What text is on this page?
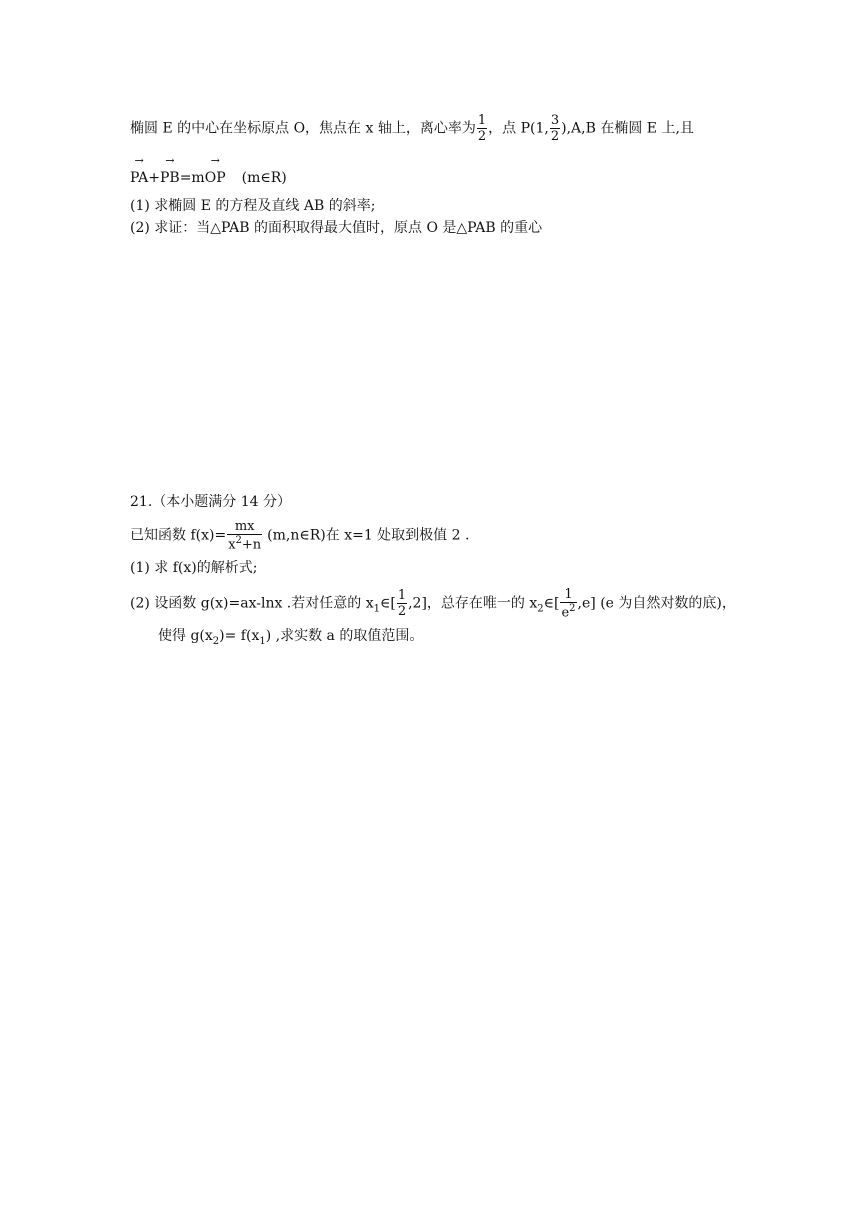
椭圆 E 的中心在坐标原点 O，焦点在 x 轴上，离心率为 $\frac{1}{2}$ ，点 P(1, $\frac{3}{2} ),A,B$ 在椭圆 E 上,且
→
PA+
→
PB=m
→
OP (m∈R)
(1) 求椭圆 E 的方程及直线 AB 的斜率;
(2) 求证：当△PAB 的面积取得最大值时，原点 O 是△PAB 的重心
21.（本小题满分 14 分）
已知函数 $f(x)= \frac{mx}{x^2+n}$ (m,n∈R)在 x=1 处取到极值 2 .
(1) 求 f(x)的解析式;
(2) 设函数 g(x)=ax-lnx .若对任意的 $x_1\in[ \frac{1}{2} ,2]$，总存在唯一的 $x_2\in[ \frac{1}{e^2} ,e]$ (e 为自然对数的底)，
使得 $g(x_2)= f(x_1)$ ,求实数 a 的取值范围。
